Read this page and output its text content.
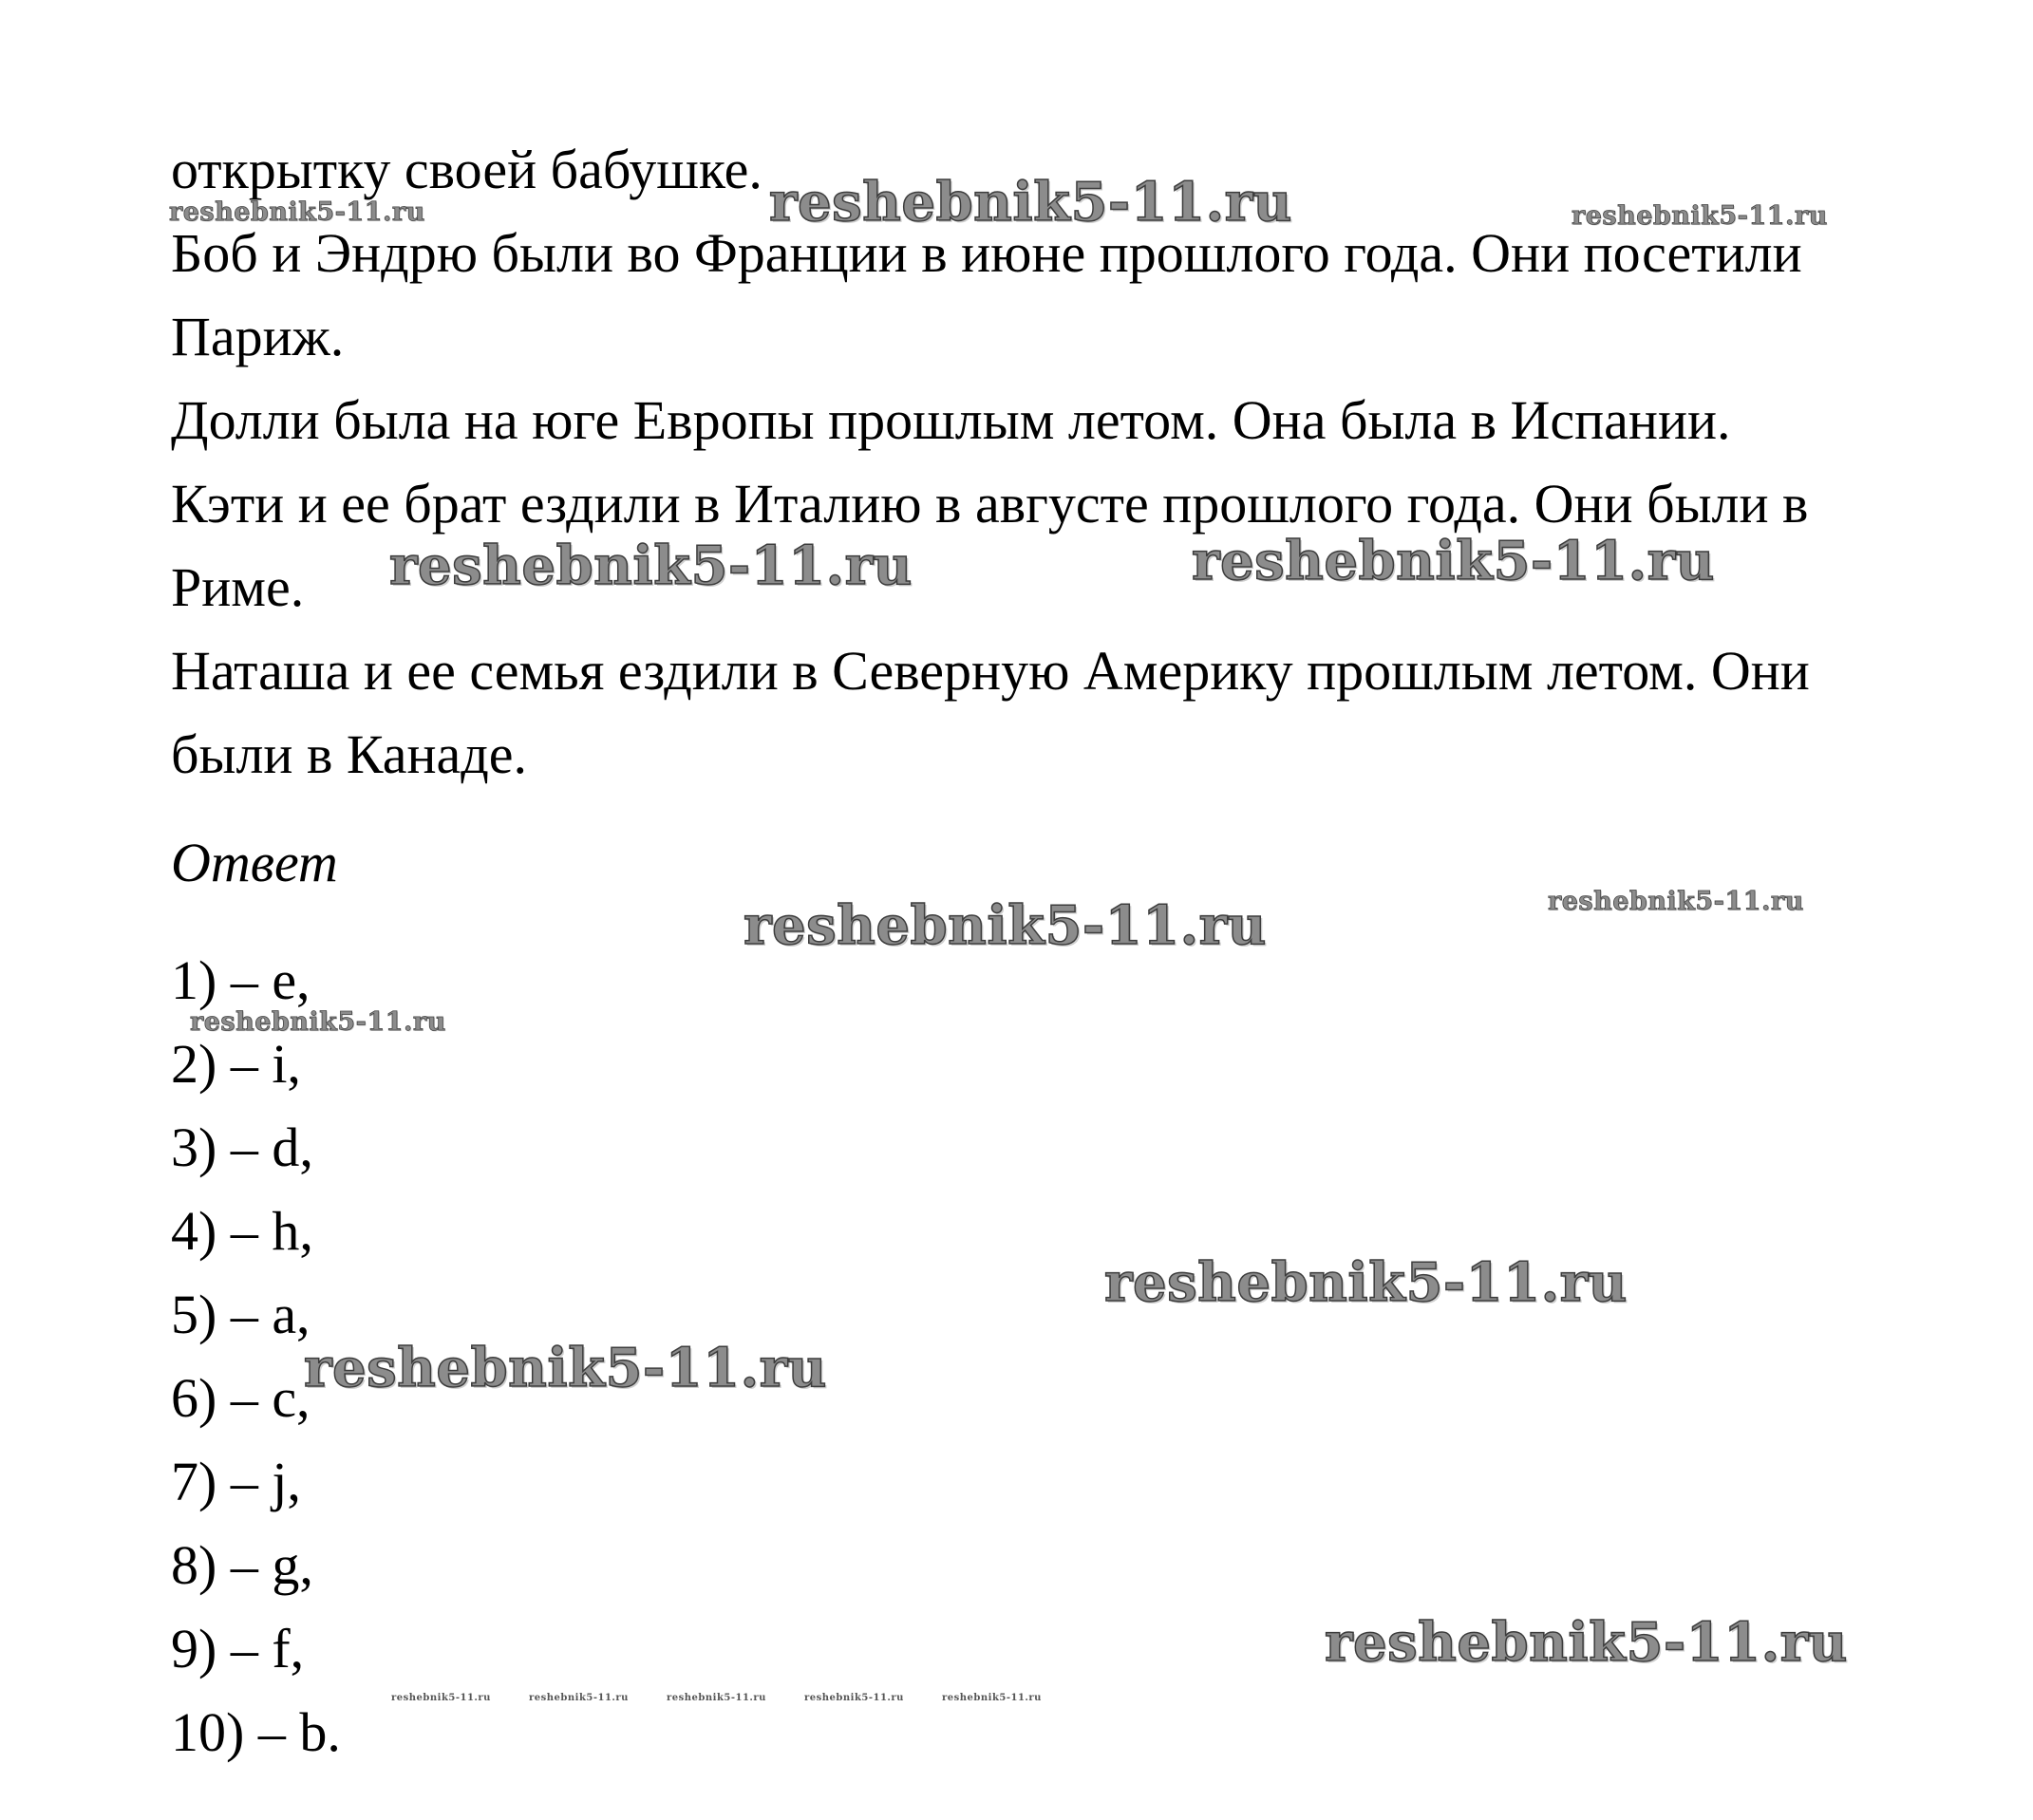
открытку своей бабушке.
Боб и Эндрю были во Франции в июне прошлого года. Они посетили
Париж.
Долли была на юге Европы прошлым летом. Она была в Испании.
Кэти и ее брат ездили в Италию в августе прошлого года. Они были в
Риме.
Наташа и ее семья ездили в Северную Америку прошлым летом. Они
были в Канаде.
Ответ
1) – e,
2) – i,
3) – d,
4) – h,
5) – a,
6) – c,
7) – j,
8) – g,
9) – f,
10) – b.
reshebnik5-11.ru	reshebnik5-11.ru	reshebnik5-11.ru
reshebnik5-11.ru	reshebnik5-11.ru
reshebnik5-11.ru	reshebnik5-11.ru
reshebnik5-11.ru
reshebnik5-11.ru
reshebnik5-11.ru
reshebnik5-11.ru
reshebnik5-11.ru	reshebnik5-11.ru	reshebnik5-11.ru	reshebnik5-11.ru	reshebnik5-11.ru
